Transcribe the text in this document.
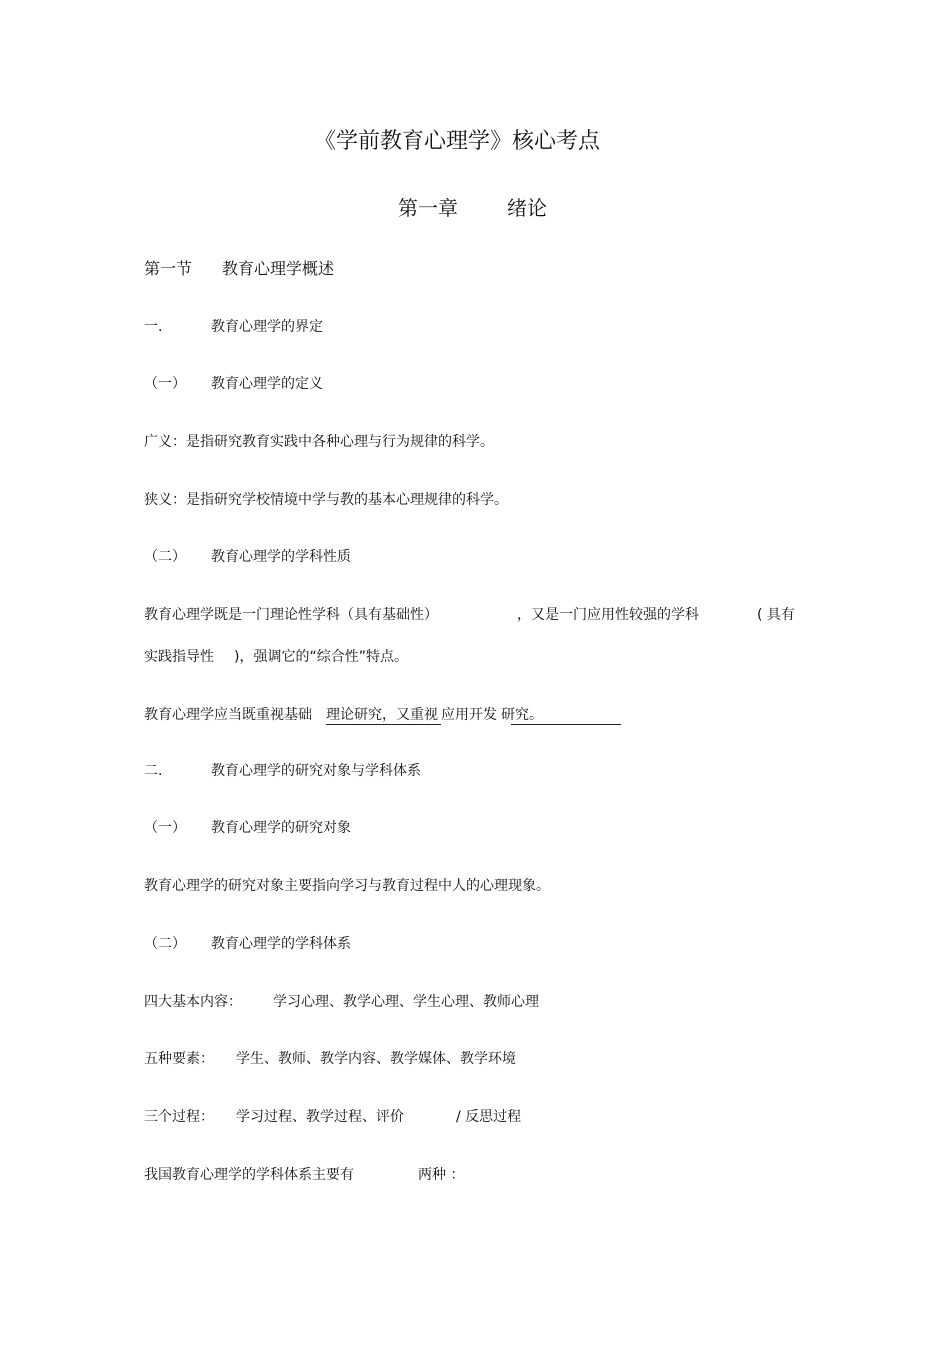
《学前教育心理学》核心考点
第一章 绪论
第一节 教育心理学概述
一.	教育心理学的界定
（一） 教育心理学的定义
广义：是指研究教育实践中各种心理与行为规律的科学。
狭义：是指研究学校情境中学与教的基本心理规律的科学。
（二） 教育心理学的学科性质
教育心理学既是一门理论性学科（具有基础性）	，又是一门应用性较强的学科	( 具有
实践指导性 )，强调它的“综合性”特点。
教育心理学应当既重视基础 理论研究，又重视 应用开发 研究。
二.	教育心理学的研究对象与学科体系
（一） 教育心理学的研究对象
教育心理学的研究对象主要指向学习与教育过程中人的心理现象。
（二） 教育心理学的学科体系
四大基本内容： 学习心理、教学心理、学生心理、教师心理
五种要素： 学生、教师、教学内容、教学媒体、教学环境
三个过程： 学习过程、教学过程、评价	/ 反思过程
我国教育心理学的学科体系主要有	两种 ：
